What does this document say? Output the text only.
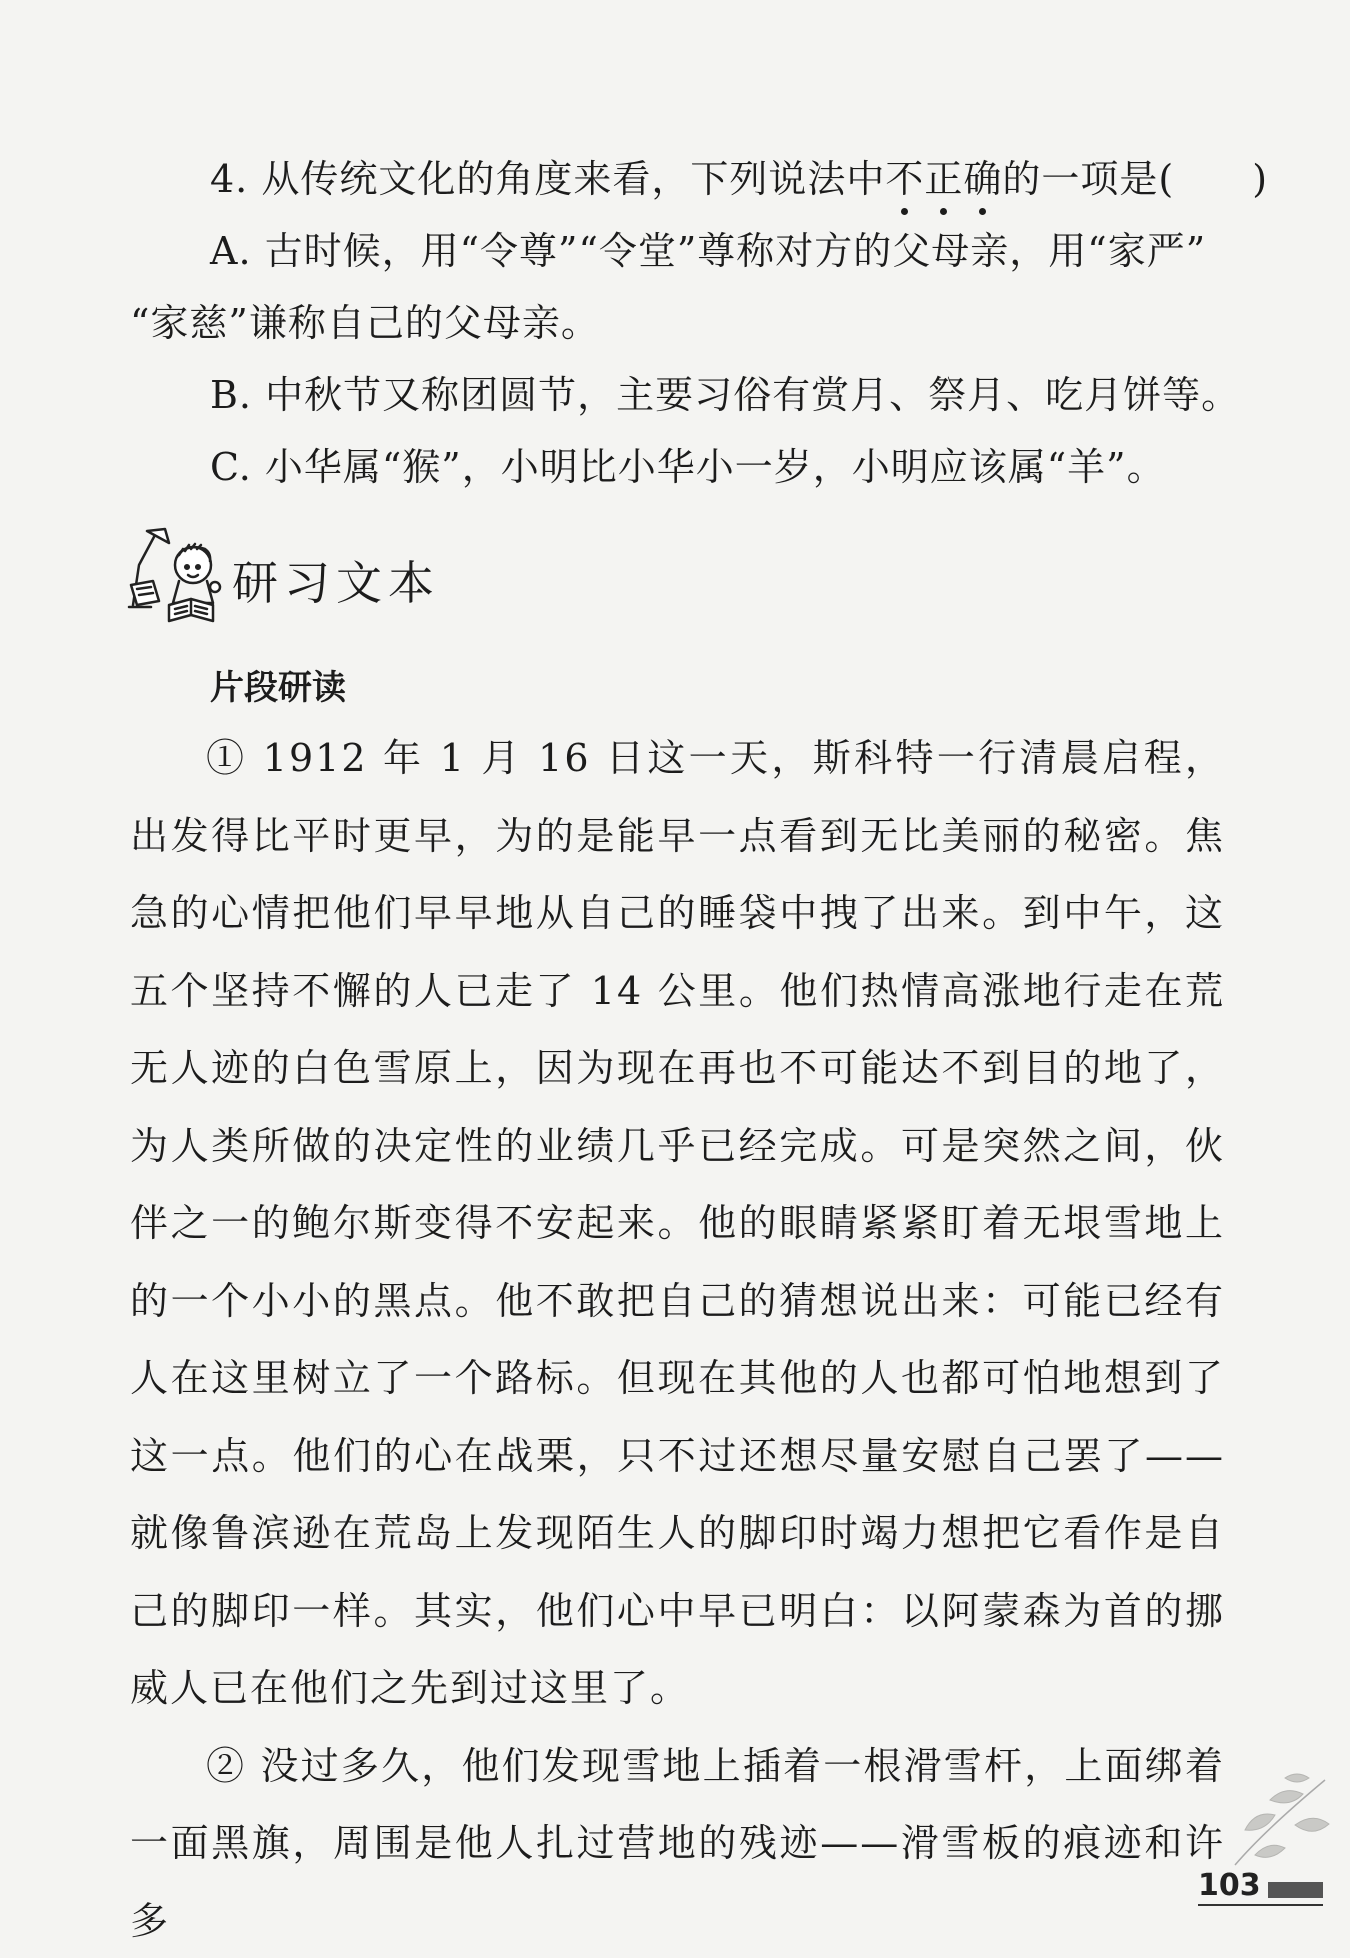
4. 从传统文化的角度来看，下列说法中不正确的一项是(　　)
A. 古时候，用“令尊”“令堂”尊称对方的父母亲，用“家严”
“家慈”谦称自己的父母亲。
B. 中秋节又称团圆节，主要习俗有赏月、祭月、吃月饼等。
C. 小华属“猴”，小明比小华小一岁，小明应该属“羊”。
研习文本
片段研读

① 1912 年 1 月 16 日这一天，斯科特一行清晨启程，出发得比平时更早，为的是能早一点看到无比美丽的秘密。焦急的心情把他们早早地从自己的睡袋中拽了出来。到中午，这五个坚持不懈的人已走了 14 公里。他们热情高涨地行走在荒无人迹的白色雪原上，因为现在再也不可能达不到目的地了，为人类所做的决定性的业绩几乎已经完成。可是突然之间，伙伴之一的鲍尔斯变得不安起来。他的眼睛紧紧盯着无垠雪地上的一个小小的黑点。他不敢把自己的猜想说出来：可能已经有人在这里树立了一个路标。但现在其他的人也都可怕地想到了这一点。他们的心在战栗，只不过还想尽量安慰自己罢了——就像鲁滨逊在荒岛上发现陌生人的脚印时竭力想把它看作是自己的脚印一样。其实，他们心中早已明白：以阿蒙森为首的挪威人已在他们之先到过这里了。

② 没过多久，他们发现雪地上插着一根滑雪杆，上面绑着一面黑旗，周围是他人扎过营地的残迹——滑雪板的痕迹和许多

103
